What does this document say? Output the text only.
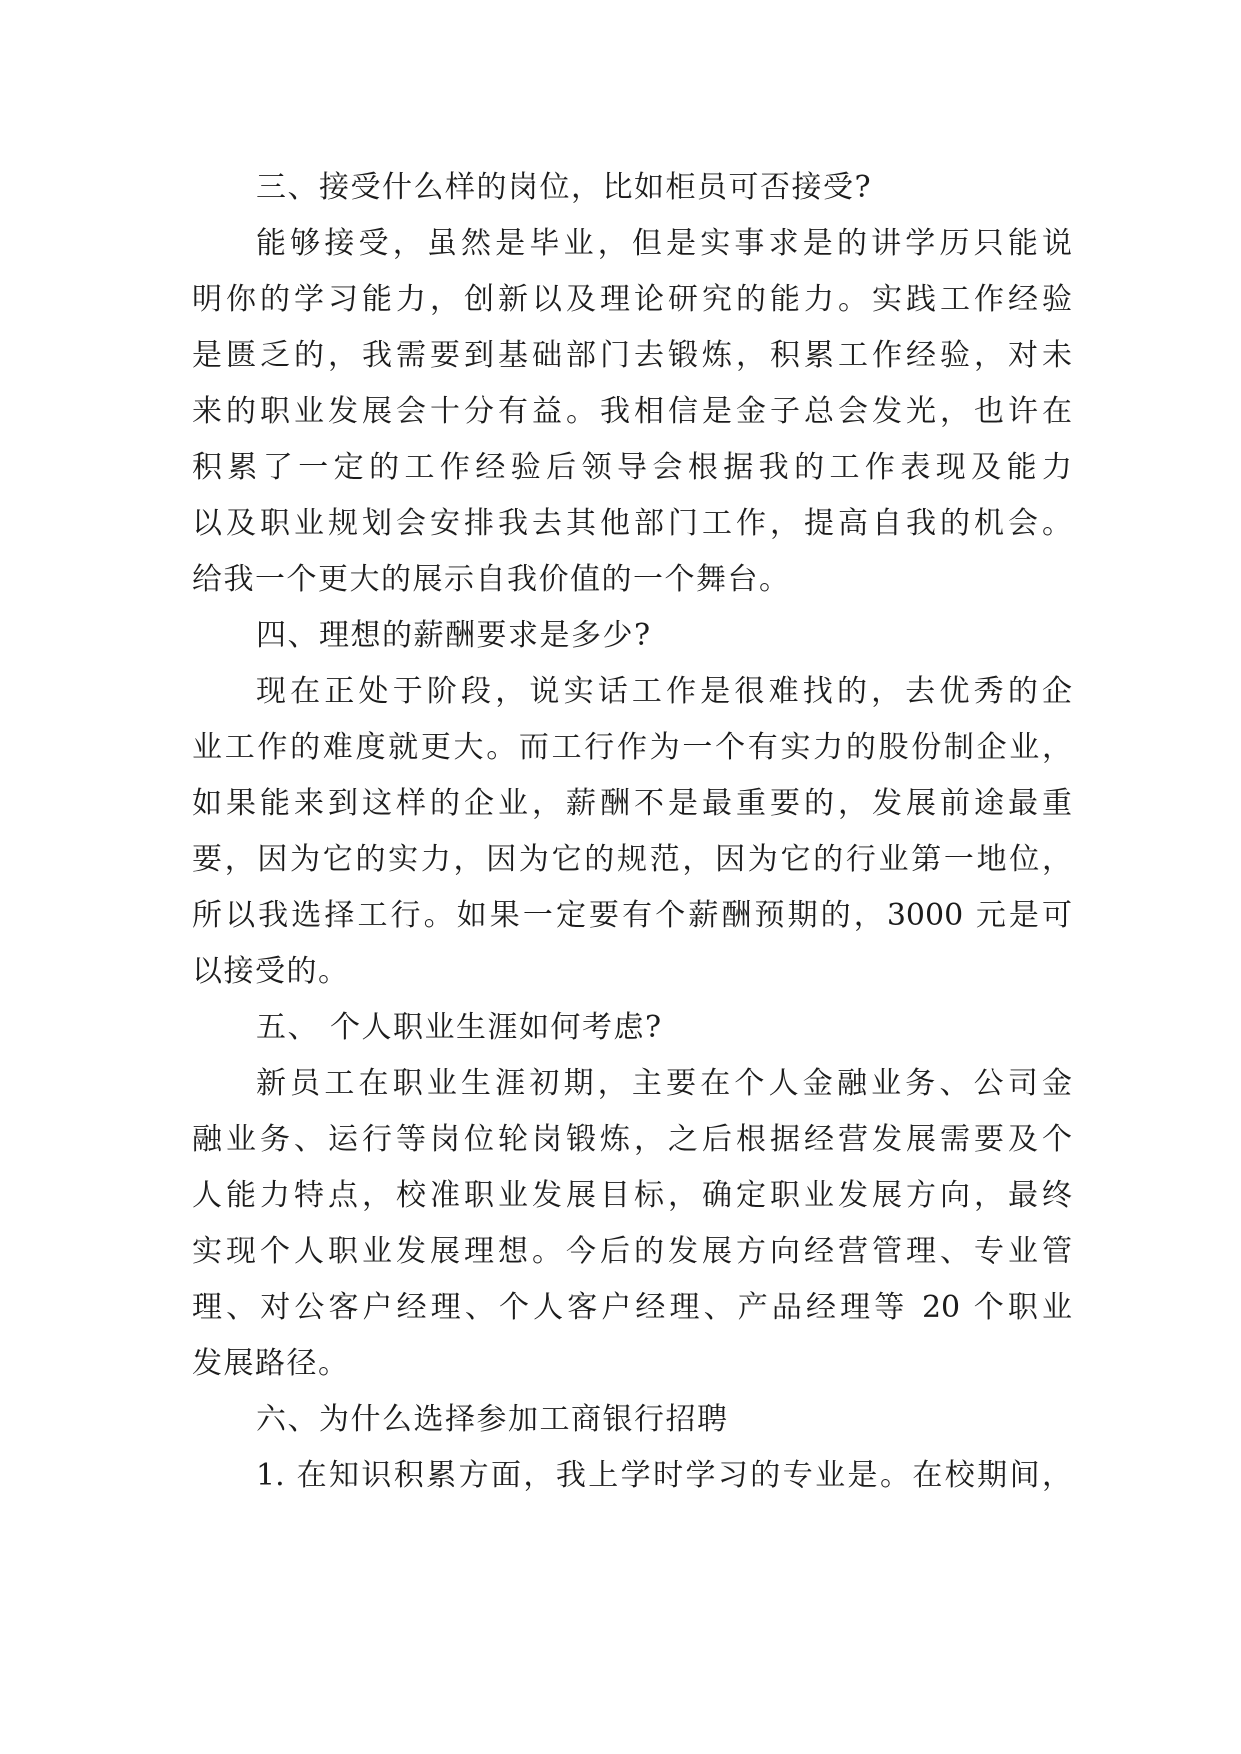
三、接受什么样的岗位，比如柜员可否接受?
能够接受，虽然是毕业，但是实事求是的讲学历只能说
明你的学习能力，创新以及理论研究的能力。实践工作经验
是匮乏的，我需要到基础部门去锻炼，积累工作经验，对未
来的职业发展会十分有益。我相信是金子总会发光，也许在
积累了一定的工作经验后领导会根据我的工作表现及能力
以及职业规划会安排我去其他部门工作，提高自我的机会。
给我一个更大的展示自我价值的一个舞台。
四、理想的薪酬要求是多少?
现在正处于阶段，说实话工作是很难找的，去优秀的企
业工作的难度就更大。而工行作为一个有实力的股份制企业，
如果能来到这样的企业，薪酬不是最重要的，发展前途最重
要，因为它的实力，因为它的规范，因为它的行业第一地位，
所以我选择工行。如果一定要有个薪酬预期的，3000 元是可
以接受的。
五、 个人职业生涯如何考虑?
新员工在职业生涯初期，主要在个人金融业务、公司金
融业务、运行等岗位轮岗锻炼，之后根据经营发展需要及个
人能力特点，校准职业发展目标，确定职业发展方向，最终
实现个人职业发展理想。今后的发展方向经营管理、专业管
理、对公客户经理、个人客户经理、产品经理等 20 个职业
发展路径。
六、为什么选择参加工商银行招聘
1. 在知识积累方面，我上学时学习的专业是。在校期间，
